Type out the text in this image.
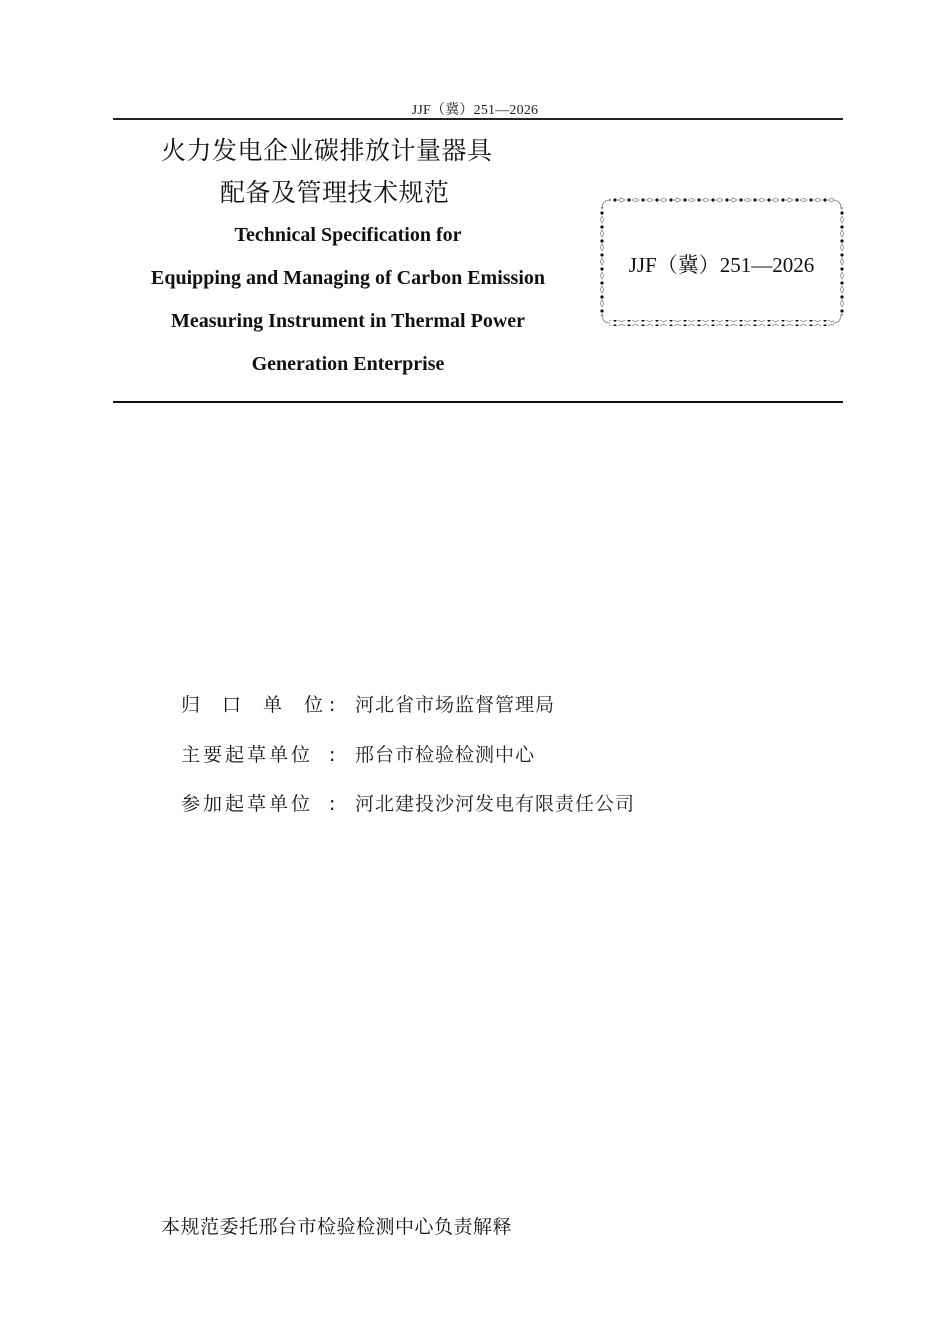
JJF（冀）251—2026
火力发电企业碳排放计量器具
配备及管理技术规范
Technical Specification for
Equipping and Managing of Carbon Emission
Measuring Instrument in Thermal Power
Generation Enterprise
JJF（冀）251—2026
归 口 单 位 :	河北省市场监督管理局
主要起草单位 :	邢台市检验检测中心
参加起草单位 :	河北建投沙河发电有限责任公司
本规范委托邢台市检验检测中心负责解释
